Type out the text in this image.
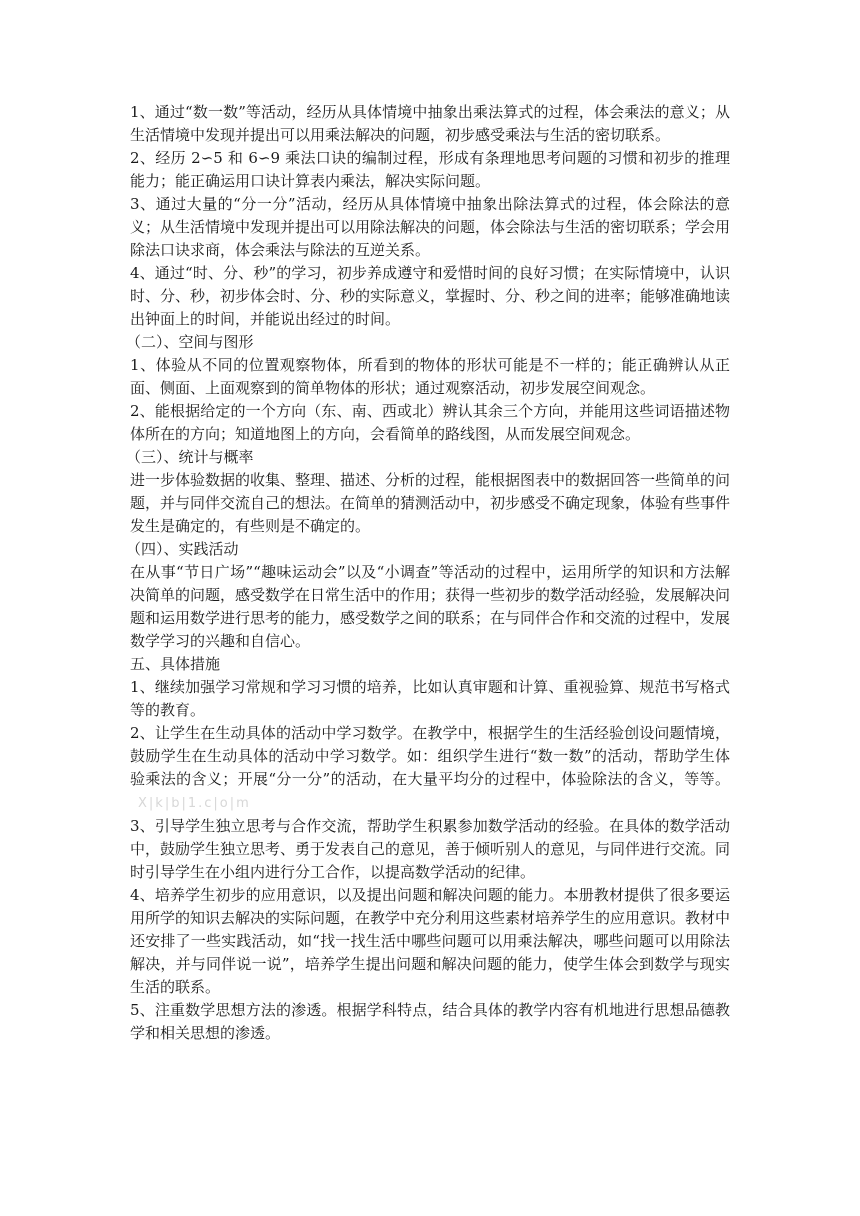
1、通过“数一数”等活动，经历从具体情境中抽象出乘法算式的过程，体会乘法的意义；从生活情境中发现并提出可以用乘法解决的问题，初步感受乘法与生活的密切联系。

2、经历 2∽5 和 6∽9 乘法口诀的编制过程，形成有条理地思考问题的习惯和初步的推理能力；能正确运用口诀计算表内乘法，解决实际问题。

3、通过大量的“分一分”活动，经历从具体情境中抽象出除法算式的过程，体会除法的意义；从生活情境中发现并提出可以用除法解决的问题，体会除法与生活的密切联系；学会用除法口诀求商，体会乘法与除法的互逆关系。

4、通过“时、分、秒”的学习，初步养成遵守和爱惜时间的良好习惯；在实际情境中，认识时、分、秒，初步体会时、分、秒的实际意义，掌握时、分、秒之间的进率；能够准确地读出钟面上的时间，并能说出经过的时间。

（二）、空间与图形

1、体验从不同的位置观察物体，所看到的物体的形状可能是不一样的；能正确辨认从正面、侧面、上面观察到的简单物体的形状；通过观察活动，初步发展空间观念。

2、能根据给定的一个方向（东、南、西或北）辨认其余三个方向，并能用这些词语描述物体所在的方向；知道地图上的方向，会看简单的路线图，从而发展空间观念。

（三）、统计与概率

进一步体验数据的收集、整理、描述、分析的过程，能根据图表中的数据回答一些简单的问题，并与同伴交流自己的想法。在简单的猜测活动中，初步感受不确定现象，体验有些事件发生是确定的，有些则是不确定的。

（四）、实践活动

在从事“节日广场”“趣味运动会”以及“小调查”等活动的过程中，运用所学的知识和方法解决简单的问题，感受数学在日常生活中的作用；获得一些初步的数学活动经验，发展解决问题和运用数学进行思考的能力，感受数学之间的联系；在与同伴合作和交流的过程中，发展数学学习的兴趣和自信心。

五、具体措施

1、继续加强学习常规和学习习惯的培养，比如认真审题和计算、重视验算、规范书写格式等的教育。

2、让学生在生动具体的活动中学习数学。在教学中，根据学生的生活经验创设问题情境，鼓励学生在生动具体的活动中学习数学。如：组织学生进行“数一数”的活动，帮助学生体验乘法的含义；开展“分一分”的活动，在大量平均分的过程中，体验除法的含义，等等。X|k|b|1.c|o|m

3、引导学生独立思考与合作交流，帮助学生积累参加数学活动的经验。在具体的数学活动中，鼓励学生独立思考、勇于发表自己的意见，善于倾听别人的意见，与同伴进行交流。同时引导学生在小组内进行分工合作，以提高数学活动的纪律。

4、培养学生初步的应用意识，以及提出问题和解决问题的能力。本册教材提供了很多要运用所学的知识去解决的实际问题，在教学中充分利用这些素材培养学生的应用意识。教材中还安排了一些实践活动，如“找一找生活中哪些问题可以用乘法解决，哪些问题可以用除法解决，并与同伴说一说”，培养学生提出问题和解决问题的能力，使学生体会到数学与现实生活的联系。

5、注重数学思想方法的渗透。根据学科特点，结合具体的教学内容有机地进行思想品德教学和相关思想的渗透。
